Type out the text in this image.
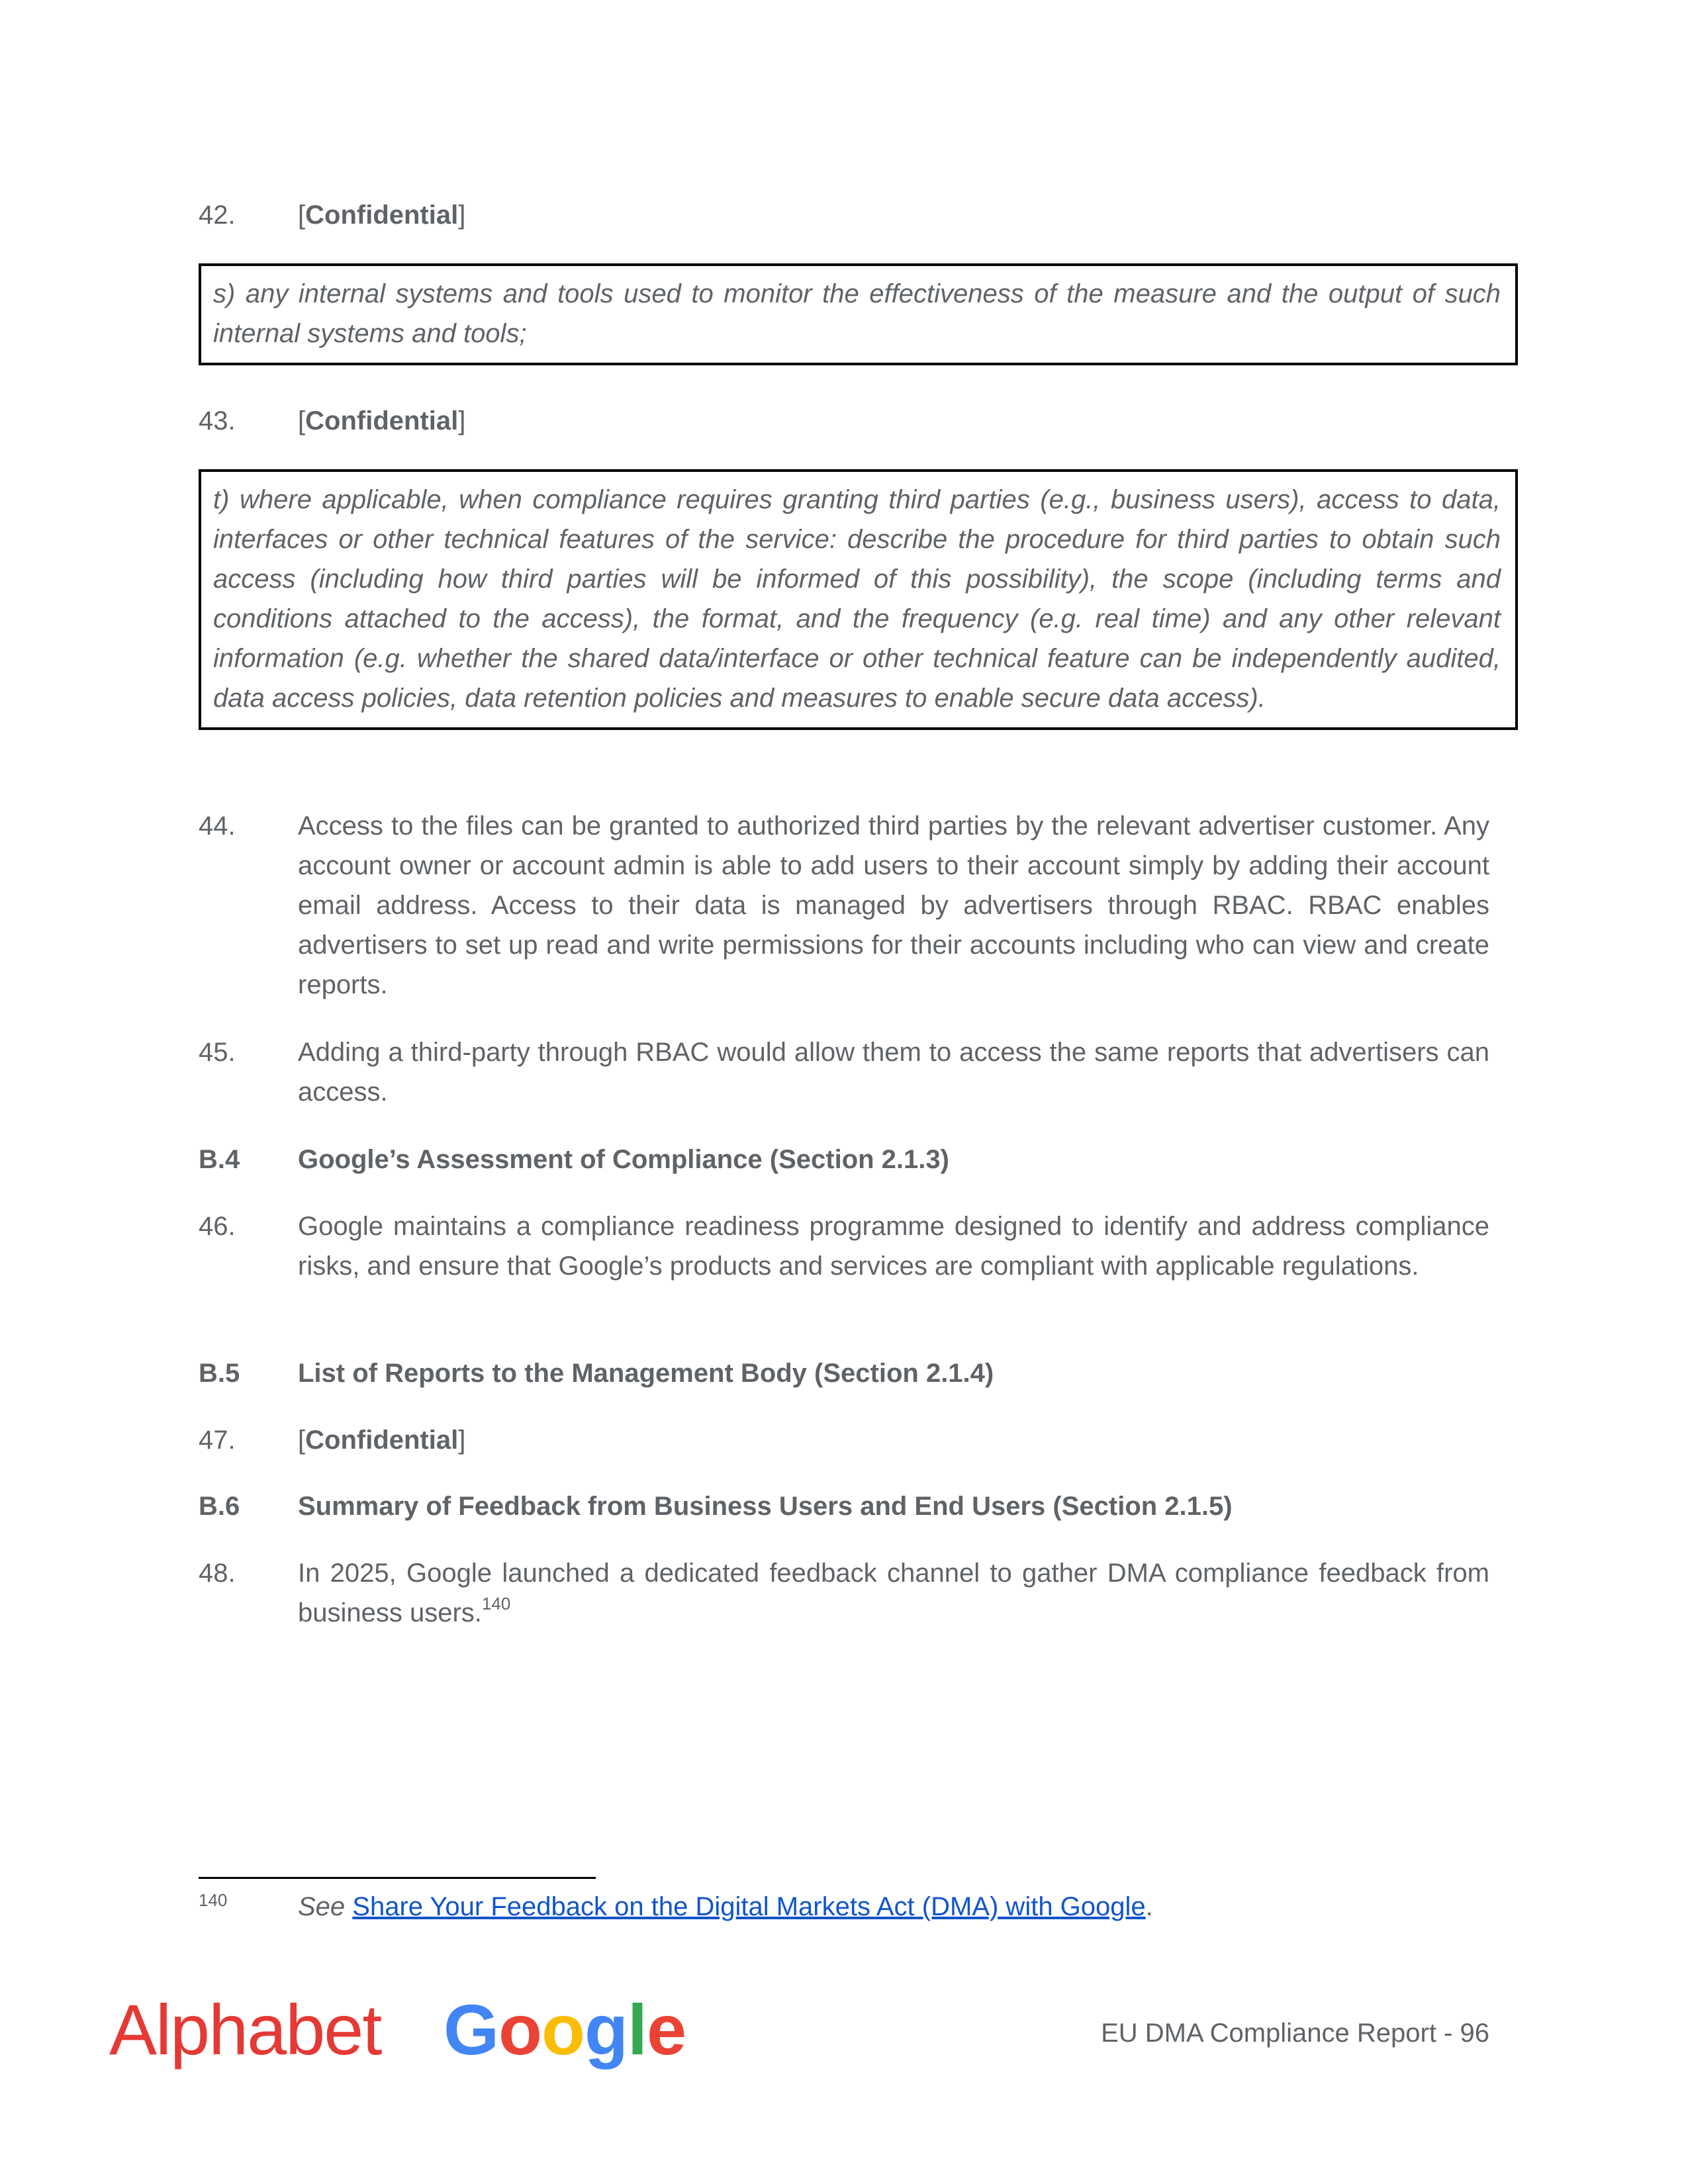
42.	[Confidential]
s) any internal systems and tools used to monitor the effectiveness of the measure and the output of such internal systems and tools;
43.	[Confidential]
t) where applicable, when compliance requires granting third parties (e.g., business users), access to data, interfaces or other technical features of the service: describe the procedure for third parties to obtain such access (including how third parties will be informed of this possibility), the scope (including terms and conditions attached to the access), the format, and the frequency (e.g. real time) and any other relevant information (e.g. whether the shared data/interface or other technical feature can be independently audited, data access policies, data retention policies and measures to enable secure data access).
44.	Access to the files can be granted to authorized third parties by the relevant advertiser customer. Any account owner or account admin is able to add users to their account simply by adding their account email address. Access to their data is managed by advertisers through RBAC. RBAC enables advertisers to set up read and write permissions for their accounts including who can view and create reports.
45.	Adding a third-party through RBAC would allow them to access the same reports that advertisers can access.
B.4	Google’s Assessment of Compliance (Section 2.1.3)
46.	Google maintains a compliance readiness programme designed to identify and address compliance risks, and ensure that Google’s products and services are compliant with applicable regulations.
B.5	List of Reports to the Management Body (Section 2.1.4)
47.	[Confidential]
B.6	Summary of Feedback from Business Users and End Users (Section 2.1.5)
48.	In 2025, Google launched a dedicated feedback channel to gather DMA compliance feedback from business users.$^{140}$
140	See Share Your Feedback on the Digital Markets Act (DMA) with Google.
Alphabet Google	EU DMA Compliance Report - 96
